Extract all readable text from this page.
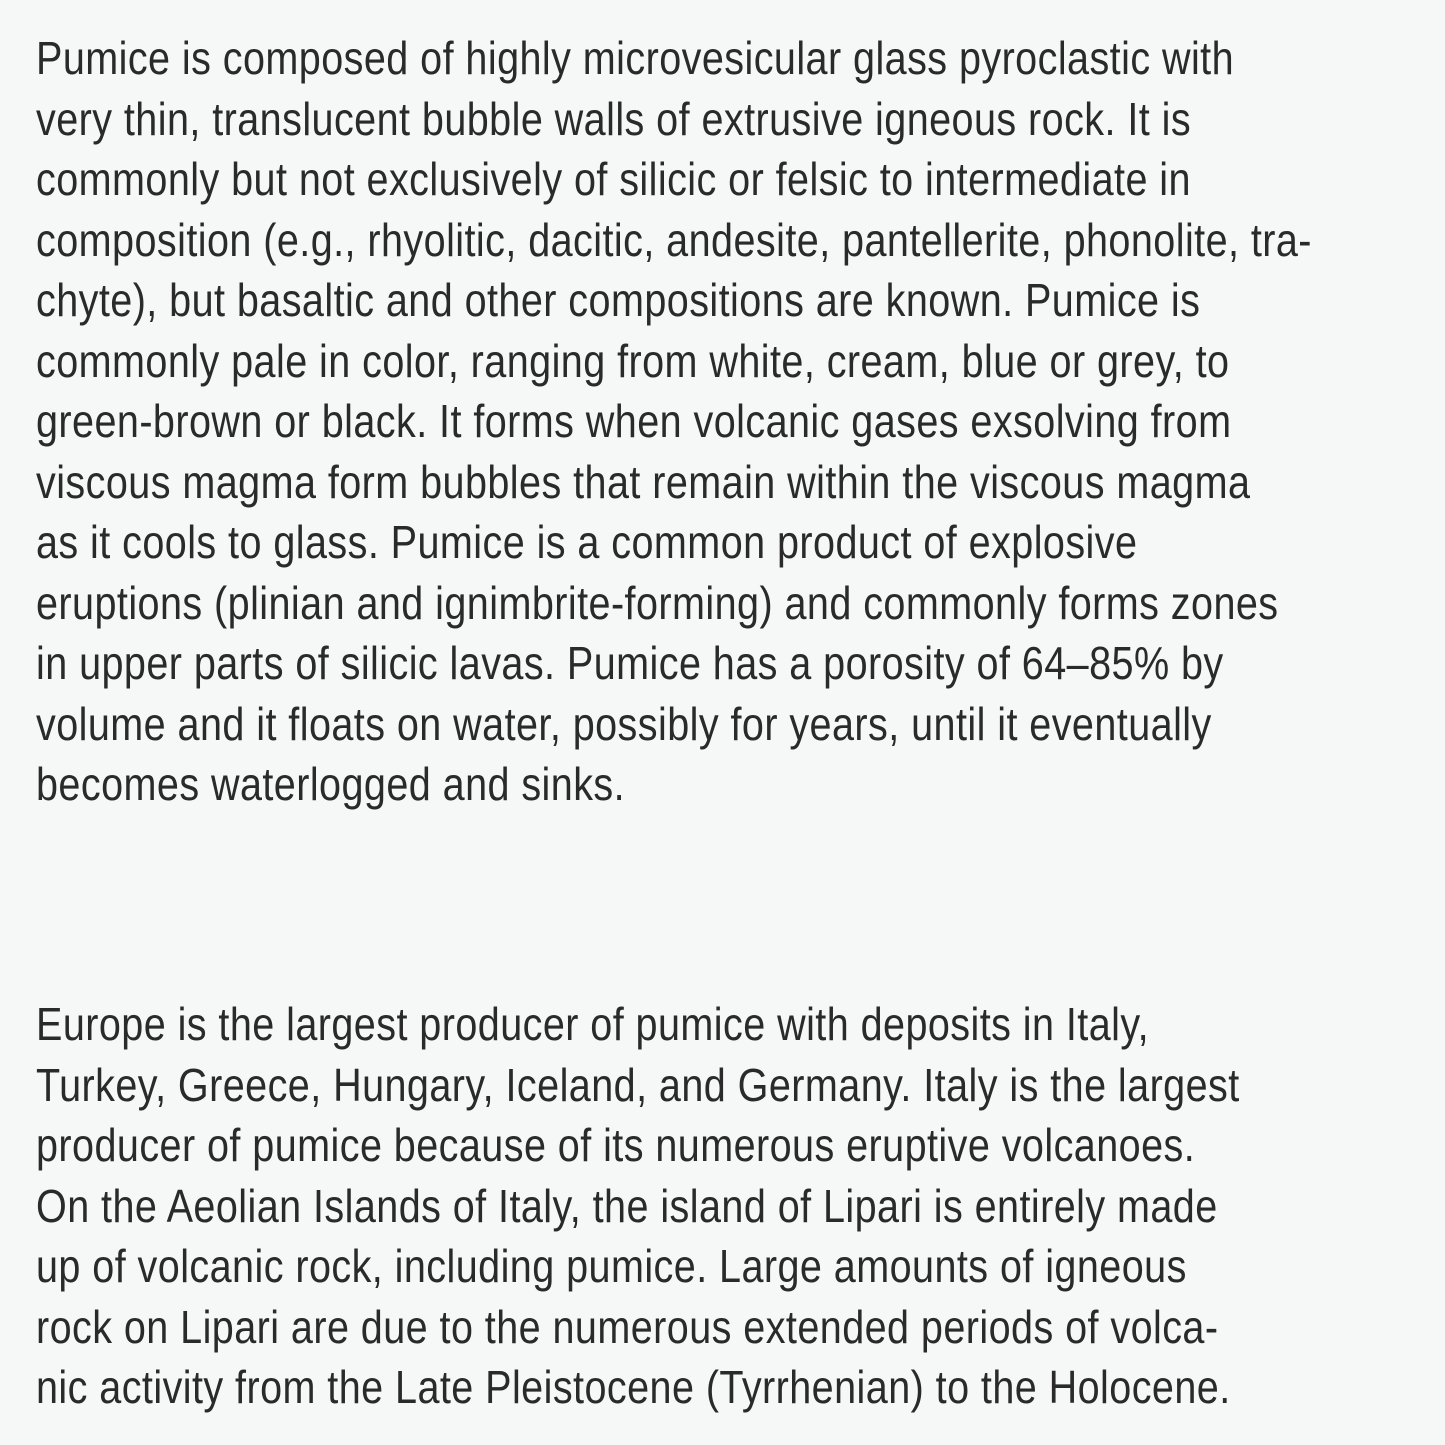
Pumice is composed of highly microvesicular glass pyroclastic with
very thin, translucent bubble walls of extrusive igneous rock. It is
commonly but not exclusively of silicic or felsic to intermediate in
composition (e.g., rhyolitic, dacitic, andesite, pantellerite, phonolite, tra-
chyte), but basaltic and other compositions are known. Pumice is
commonly pale in color, ranging from white, cream, blue or grey, to
green-brown or black. It forms when volcanic gases exsolving from
viscous magma form bubbles that remain within the viscous magma
as it cools to glass. Pumice is a common product of explosive
eruptions (plinian and ignimbrite-forming) and commonly forms zones
in upper parts of silicic lavas. Pumice has a porosity of 64–85% by
volume and it floats on water, possibly for years, until it eventually
becomes waterlogged and sinks.
Europe is the largest producer of pumice with deposits in Italy,
Turkey, Greece, Hungary, Iceland, and Germany. Italy is the largest
producer of pumice because of its numerous eruptive volcanoes.
On the Aeolian Islands of Italy, the island of Lipari is entirely made
up of volcanic rock, including pumice. Large amounts of igneous
rock on Lipari are due to the numerous extended periods of volca-
nic activity from the Late Pleistocene (Tyrrhenian) to the Holocene.
